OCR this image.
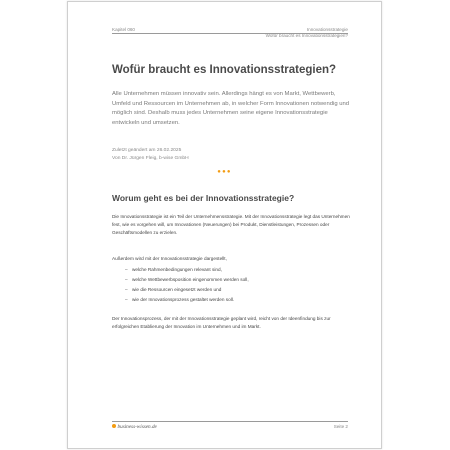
Kapitel 060	Innovationsstrategie
Wofür braucht es Innovationsstrategien?
Wofür braucht es Innovationsstrategien?
Alle Unternehmen müssen innovativ sein. Allerdings hängt es von Markt, Wettbewerb, Umfeld und Ressourcen im Unternehmen ab, in welcher Form Innovationen notwendig und möglich sind. Deshalb muss jedes Unternehmen seine eigene Innovationsstrategie entwickeln und umsetzen.
Zuletzt geändert am 26.02.2025
Von Dr. Jürgen Fleig, b-wise GmbH
●●●
Worum geht es bei der Innovationsstrategie?
Die Innovationsstrategie ist ein Teil der Unternehmensstrategie. Mit der Innovationsstrategie legt das Unternehmen fest, wie es vorgehen will, um Innovationen (Neuerungen) bei Produkt, Dienstleistungen, Prozessen oder Geschäftsmodellen zu erzielen.
Außerdem wird mit der Innovationsstrategie dargestellt,
– welche Rahmenbedingungen relevant sind,
– welche Wettbewerbsposition eingenommen werden soll,
– wie die Ressourcen eingesetzt werden und
– wie der Innovationsprozess gestaltet werden soll.
Der Innovationsprozess, der mit der Innovationsstrategie geplant wird, reicht von der Ideenfindung bis zur erfolgreichen Etablierung der Innovation im Unternehmen und im Markt.
business-wissen.de	Seite 2
